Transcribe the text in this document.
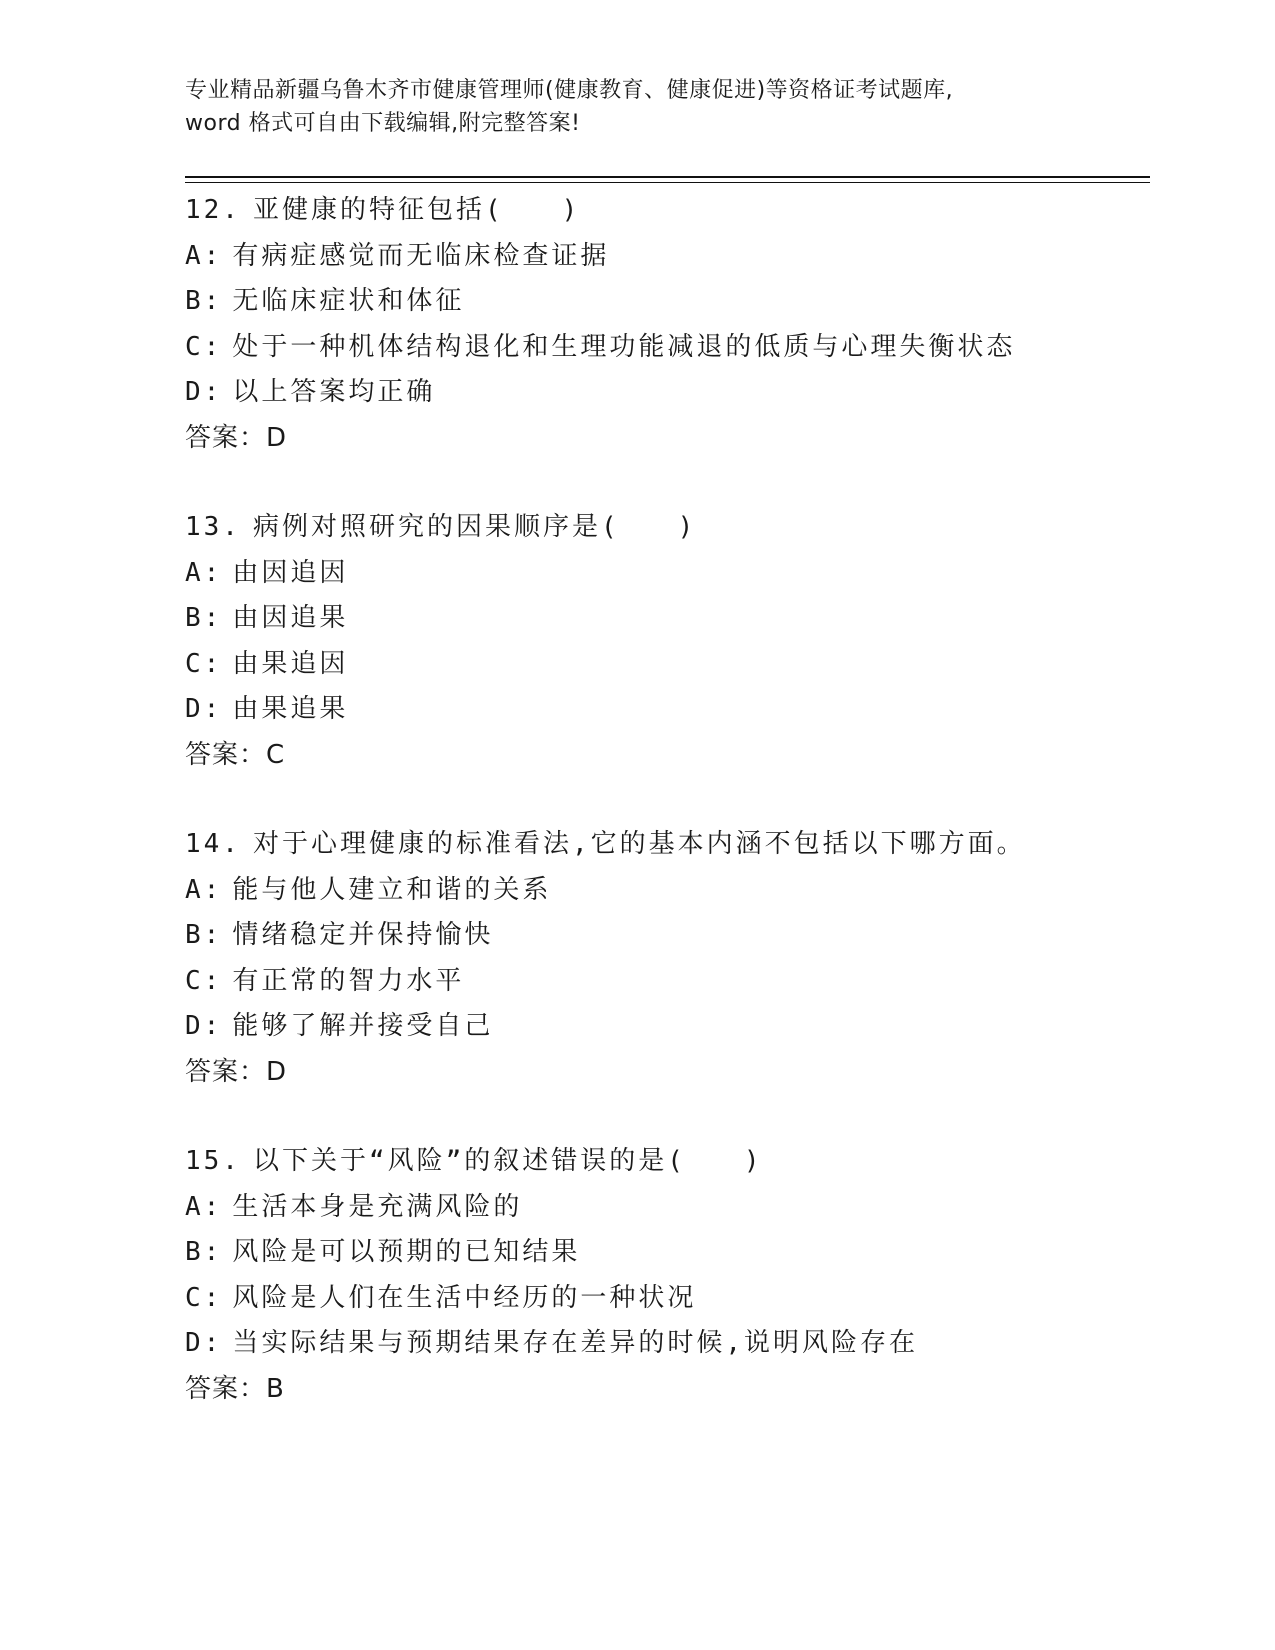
专业精品新疆乌鲁木齐市健康管理师(健康教育、健康促进)等资格证考试题库,
word 格式可自由下载编辑,附完整答案!
12. 亚健康的特征包括(　　)
A: 有病症感觉而无临床检查证据
B: 无临床症状和体征
C: 处于一种机体结构退化和生理功能减退的低质与心理失衡状态
D: 以上答案均正确
答案：D
13. 病例对照研究的因果顺序是(　　)
A: 由因追因
B: 由因追果
C: 由果追因
D: 由果追果
答案：C
14. 对于心理健康的标准看法,它的基本内涵不包括以下哪方面。
A: 能与他人建立和谐的关系
B: 情绪稳定并保持愉快
C: 有正常的智力水平
D: 能够了解并接受自己
答案：D
15. 以下关于“风险”的叙述错误的是(　　)
A: 生活本身是充满风险的
B: 风险是可以预期的已知结果
C: 风险是人们在生活中经历的一种状况
D: 当实际结果与预期结果存在差异的时候,说明风险存在
答案：B
